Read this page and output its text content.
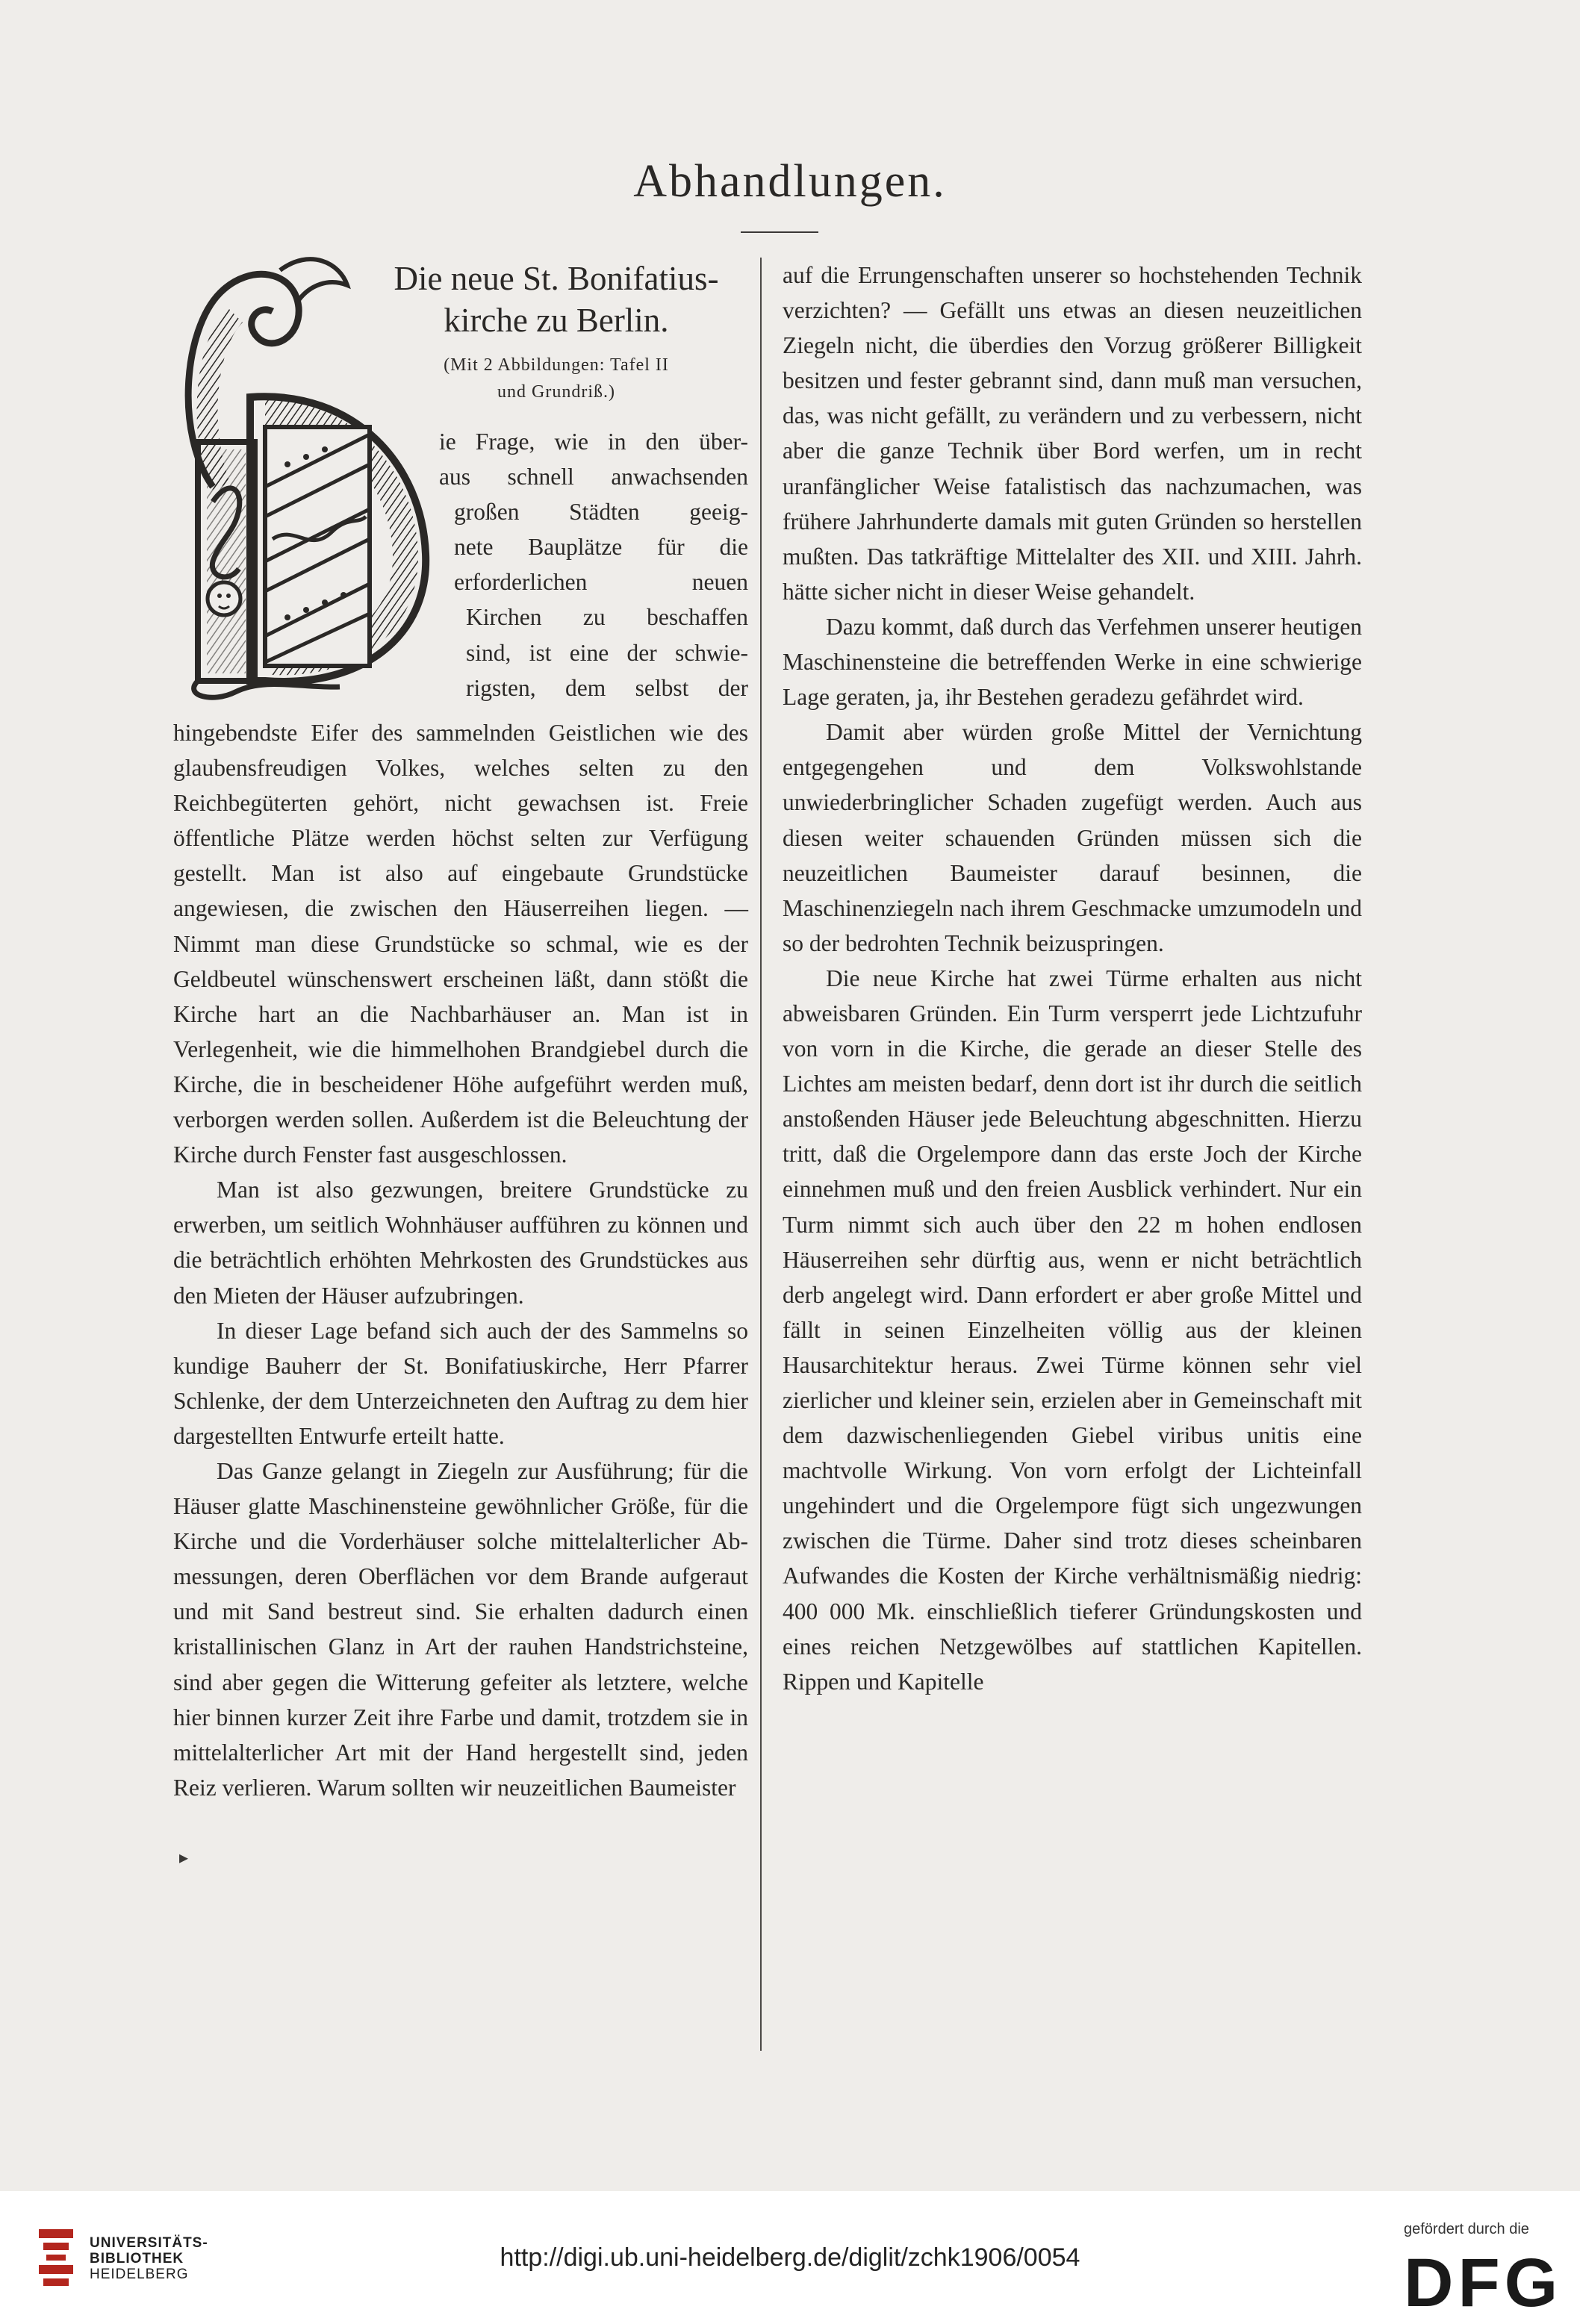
Abhandlungen.
Die neue St. Bonifatius-
kirche zu Berlin.
(Mit 2 Abbildungen: Tafel II
und Grundriß.)
ie Frage, wie in den über-
aus schnell anwachsenden
großen Städten geeig-
nete Bauplätze für die
erforderlichen neuen
Kirchen zu beschaffen
sind, ist eine der schwie-
rigsten, dem selbst der

hingebendste Eifer des sammelnden Geistlichen wie des glaubensfreudigen Volkes, welches selten zu den Reichbegüterten gehört, nicht gewachsen ist. Freie öffentliche Plätze werden höchst selten zur Verfügung gestellt. Man ist also auf eingebaute Grundstücke angewiesen, die zwischen den Häuserreihen liegen. — Nimmt man diese Grundstücke so schmal, wie es der Geldbeutel wünschenswert erscheinen läßt, dann stößt die Kirche hart an die Nachbarhäuser an. Man ist in Verlegenheit, wie die himmelhohen Brandgiebel durch die Kirche, die in bescheidener Höhe aufgeführt werden muß, verborgen werden sollen. Außerdem ist die Beleuchtung der Kirche durch Fenster fast ausgeschlossen.

Man ist also gezwungen, breitere Grundstücke zu erwerben, um seitlich Wohnhäuser aufführen zu können und die beträchtlich erhöhten Mehrkosten des Grundstückes aus den Mieten der Häuser aufzubringen.

In dieser Lage befand sich auch der des Sammelns so kundige Bauherr der St. Bonifatiuskirche, Herr Pfarrer Schlenke, der dem Unterzeichneten den Auftrag zu dem hier dargestellten Entwurfe erteilt hatte.

Das Ganze gelangt in Ziegeln zur Ausführung; für die Häuser glatte Maschinensteine gewöhnlicher Größe, für die Kirche und die Vorderhäuser solche mittelalterlicher Abmessungen, deren Oberflächen vor dem Brande aufgeraut und mit Sand bestreut sind. Sie erhalten dadurch einen kristallinischen Glanz in Art der rauhen Handstrichsteine, sind aber gegen die Witterung gefeiter als letztere, welche hier binnen kurzer Zeit ihre Farbe und damit, trotzdem sie in mittelalterlicher Art mit der Hand hergestellt sind, jeden Reiz verlieren. Warum sollten wir neuzeitlichen Baumeister

auf die Errungenschaften unserer so hochstehenden Technik verzichten? — Gefällt uns etwas an diesen neuzeitlichen Ziegeln nicht, die überdies den Vorzug größerer Billigkeit besitzen und fester gebrannt sind, dann muß man versuchen, das, was nicht gefällt, zu verändern und zu verbessern, nicht aber die ganze Technik über Bord werfen, um in recht uranfänglicher Weise fatalistisch das nachzumachen, was frühere Jahrhunderte damals mit guten Gründen so herstellen mußten. Das tatkräftige Mittelalter des XII. und XIII. Jahrh. hätte sicher nicht in dieser Weise gehandelt.

Dazu kommt, daß durch das Verfehmen unserer heutigen Maschinensteine die betreffenden Werke in eine schwierige Lage geraten, ja, ihr Bestehen geradezu gefährdet wird.

Damit aber würden große Mittel der Vernichtung entgegengehen und dem Volkswohlstande unwiederbringlicher Schaden zugefügt werden. Auch aus diesen weiter schauenden Gründen müssen sich die neuzeitlichen Baumeister darauf besinnen, die Maschinenziegeln nach ihrem Geschmacke umzumodeln und so der bedrohten Technik beizuspringen.

Die neue Kirche hat zwei Türme erhalten aus nicht abweisbaren Gründen. Ein Turm versperrt jede Lichtzufuhr von vorn in die Kirche, die gerade an dieser Stelle des Lichtes am meisten bedarf, denn dort ist ihr durch die seitlich anstoßenden Häuser jede Beleuchtung abgeschnitten. Hierzu tritt, daß die Orgelempore dann das erste Joch der Kirche einnehmen muß und den freien Ausblick verhindert. Nur ein Turm nimmt sich auch über den 22 m hohen endlosen Häuserreihen sehr dürftig aus, wenn er nicht beträchtlich derb angelegt wird. Dann erfordert er aber große Mittel und fällt in seinen Einzelheiten völlig aus der kleinen Hausarchitektur heraus. Zwei Türme können sehr viel zierlicher und kleiner sein, erzielen aber in Gemeinschaft mit dem dazwischenliegenden Giebel viribus unitis eine machtvolle Wirkung. Von vorn erfolgt der Lichteinfall ungehindert und die Orgelempore fügt sich ungezwungen zwischen die Türme. Daher sind trotz dieses scheinbaren Aufwandes die Kosten der Kirche verhältnismäßig niedrig: 400 000 Mk. einschließlich tieferer Gründungskosten und eines reichen Netzgewölbes auf stattlichen Kapitellen. Rippen und Kapitelle

▸
UNIVERSITÄTS-
BIBLIOTHEK
HEIDELBERG
http://digi.ub.uni-heidelberg.de/diglit/zchk1906/0054
gefördert durch die
DFG
